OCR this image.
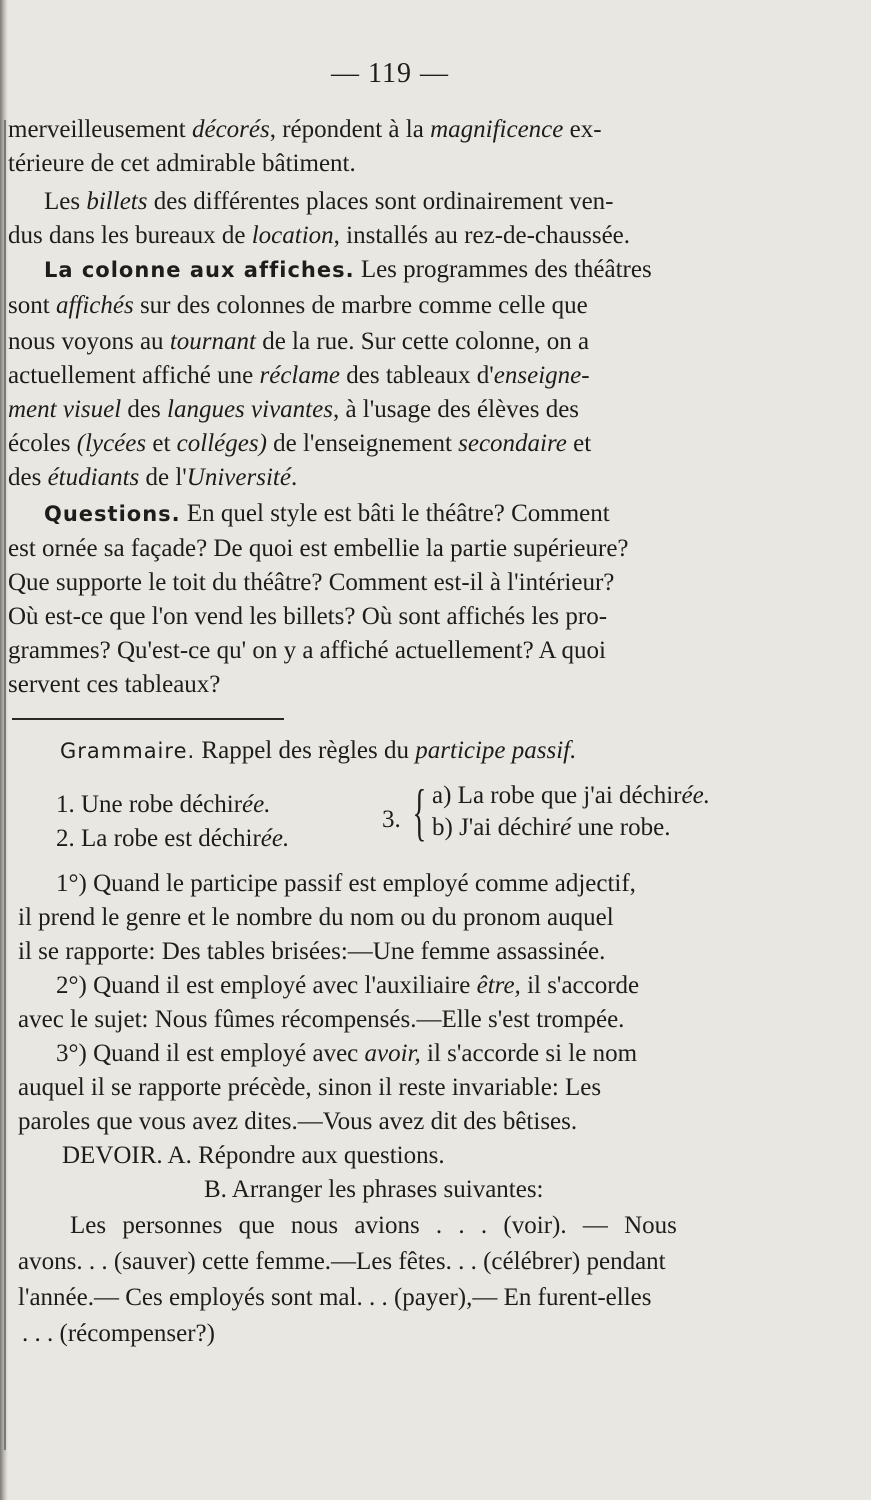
— 119 —
merveilleusement décorés, répondent à la magnificence ex-
térieure de cet admirable bâtiment.
Les billets des différentes places sont ordinairement ven-
dus dans les bureaux de location, installés au rez-de-chaussée.
La colonne aux affiches. Les programmes des théâtres
sont affichés sur des colonnes de marbre comme celle que
nous voyons au tournant de la rue. Sur cette colonne, on a
actuellement affiché une réclame des tableaux d'enseigne-
ment visuel des langues vivantes, à l'usage des élèves des
écoles (lycées et colléges) de l'enseignement secondaire et
des étudiants de l'Université.
Questions. En quel style est bâti le théâtre? Comment
est ornée sa façade? De quoi est embellie la partie supérieure?
Que supporte le toit du théâtre? Comment est-il à l'intérieur?
Où est-ce que l'on vend les billets? Où sont affichés les pro-
grammes? Qu'est-ce qu' on y a affiché actuellement? A quoi
servent ces tableaux?
Grammaire. Rappel des règles du participe passif.
1. Une robe déchirée.
2. La robe est déchirée.
3. { a) La robe que j'ai déchirée.
b) J'ai déchiré une robe.
1°) Quand le participe passif est employé comme adjectif,
il prend le genre et le nombre du nom ou du pronom auquel
il se rapporte: Des tables brisées:—Une femme assassinée.
2°) Quand il est employé avec l'auxiliaire être, il s'accorde
avec le sujet: Nous fûmes récompensés.—Elle s'est trompée.
3°) Quand il est employé avec avoir, il s'accorde si le nom
auquel il se rapporte précède, sinon il reste invariable: Les
paroles que vous avez dites.—Vous avez dit des bêtises.
DEVOIR. A. Répondre aux questions.
B. Arranger les phrases suivantes:
Les personnes que nous avions . . . (voir). — Nous
avons. . . (sauver) cette femme.—Les fêtes. . . (célébrer) pendant
l'année.— Ces employés sont mal. . . (payer),— En furent-elles
. . . (récompenser?)
